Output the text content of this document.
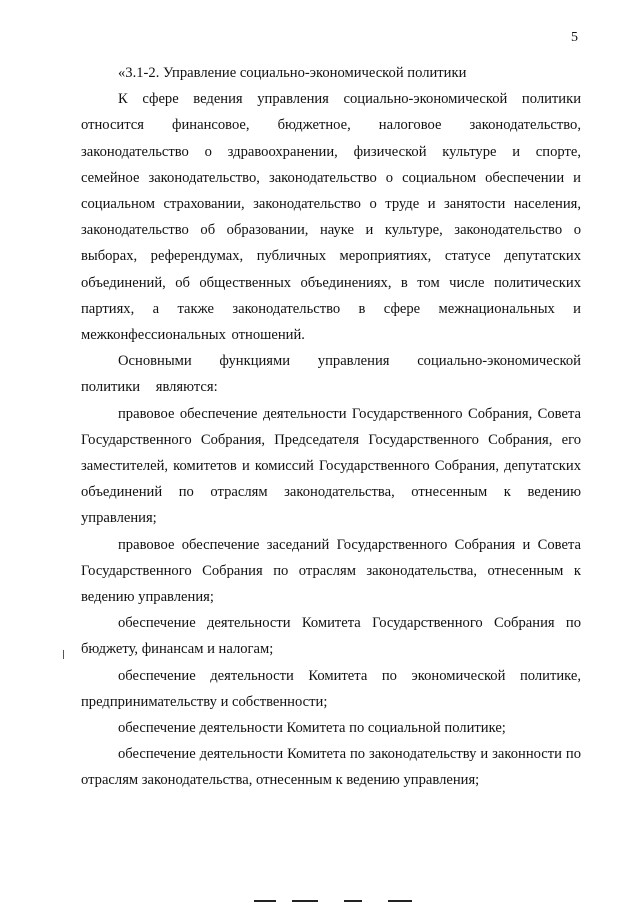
5

«3.1-2. Управление социально-экономической политики

К сфере ведения управления социально-экономической политики относится финансовое, бюджетное, налоговое законодательство, законодательство о здравоохранении, физической культуре и спорте, семейное законодательство, законодательство о социальном обеспечении и социальном страховании, законодательство о труде и занятости населения, законодательство об образовании, науке и культуре, законодательство о выборах, референдумах, публичных мероприятиях, статусе депутатских объединений, об общественных объединениях, в том числе политических партиях, а также законодательство в сфере межнациональных и межконфессиональных отношений.

Основными функциями управления социально-экономической политики являются:

правовое обеспечение деятельности Государственного Собрания, Совета Государственного Собрания, Председателя Государственного Собрания, его заместителей, комитетов и комиссий Государственного Собрания, депутатских объединений по отраслям законодательства, отнесенным к ведению управления;

правовое обеспечение заседаний Государственного Собрания и Совета Государственного Собрания по отраслям законодательства, отнесенным к ведению управления;

обеспечение деятельности Комитета Государственного Собрания по бюджету, финансам и налогам;

обеспечение деятельности Комитета по экономической политике, предпринимательству и собственности;

обеспечение деятельности Комитета по социальной политике;

обеспечение деятельности Комитета по законодательству и законности по отраслям законодательства, отнесенным к ведению управления;
